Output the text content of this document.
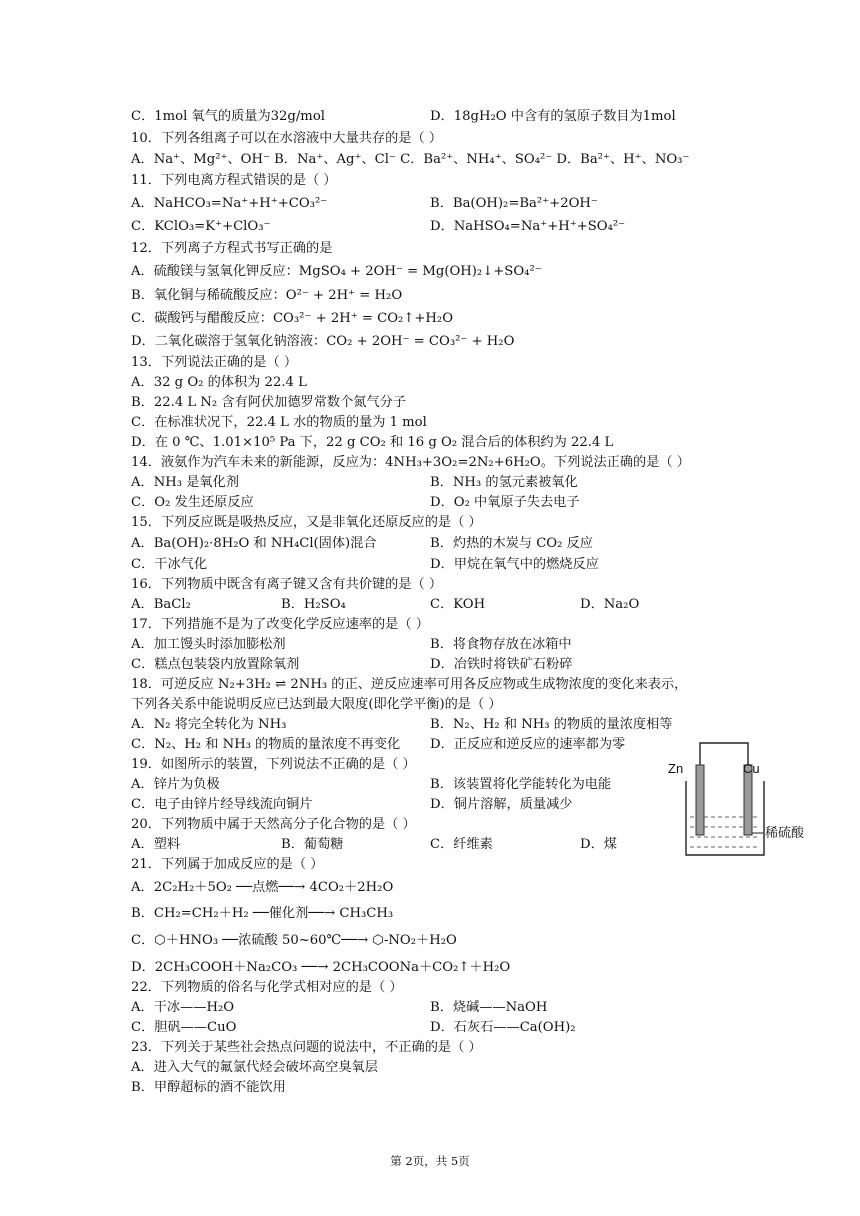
C．1mol 氧气的质量为32g/mol	D．18gH₂O 中含有的氢原子数目为1mol
10．下列各组离子可以在水溶液中大量共存的是（ ）
A．Na⁺、Mg²⁺、OH⁻ B．Na⁺、Ag⁺、Cl⁻ C．Ba²⁺、NH₄⁺、SO₄²⁻ D．Ba²⁺、H⁺、NO₃⁻
11．下列电离方程式错误的是（ ）
A．NaHCO₃=Na⁺+H⁺+CO₃²⁻	B．Ba(OH)₂=Ba²⁺+2OH⁻
C．KClO₃=K⁺+ClO₃⁻	D．NaHSO₄=Na⁺+H⁺+SO₄²⁻
12．下列离子方程式书写正确的是
A．硫酸镁与氢氧化钾反应：MgSO₄ + 2OH⁻ = Mg(OH)₂↓+SO₄²⁻
B．氧化铜与稀硫酸反应：O²⁻ + 2H⁺ = H₂O
C．碳酸钙与醋酸反应：CO₃²⁻ + 2H⁺ = CO₂↑+H₂O
D．二氧化碳溶于氢氧化钠溶液：CO₂ + 2OH⁻ = CO₃²⁻ + H₂O
13．下列说法正确的是（ ）
A．32 g O₂ 的体积为 22.4 L
B．22.4 L N₂ 含有阿伏加德罗常数个氮气分子
C．在标准状况下，22.4 L 水的物质的量为 1 mol
D．在 0 ℃、1.01×10⁵ Pa 下，22 g CO₂ 和 16 g O₂ 混合后的体积约为 22.4 L
14．液氨作为汽车未来的新能源，反应为：4NH₃+3O₂=2N₂+6H₂O。下列说法正确的是（ ）
A．NH₃ 是氧化剂	B．NH₃ 的氢元素被氧化
C．O₂ 发生还原反应	D．O₂ 中氧原子失去电子
15．下列反应既是吸热反应，又是非氧化还原反应的是（ ）
A．Ba(OH)₂·8H₂O 和 NH₄Cl(固体)混合	B．灼热的木炭与 CO₂ 反应
C．干冰气化	D．甲烷在氧气中的燃烧反应
16．下列物质中既含有离子键又含有共价键的是（ ）
A．BaCl₂	B．H₂SO₄	C．KOH	D．Na₂O
17．下列措施不是为了改变化学反应速率的是（ ）
A．加工馒头时添加膨松剂	B．将食物存放在冰箱中
C．糕点包装袋内放置除氧剂	D．冶铁时将铁矿石粉碎
18．可逆反应 N₂+3H₂ ⇌ 2NH₃ 的正、逆反应速率可用各反应物或生成物浓度的变化来表示，
下列各关系中能说明反应已达到最大限度(即化学平衡)的是（ ）
A．N₂ 将完全转化为 NH₃	B．N₂、H₂ 和 NH₃ 的物质的量浓度相等
C．N₂、H₂ 和 NH₃ 的物质的量浓度不再变化 D．正反应和逆反应的速率都为零
19．如图所示的装置，下列说法不正确的是（ ）
A．锌片为负极	B．该装置将化学能转化为电能
C．电子由锌片经导线流向铜片	D．铜片溶解，质量减少
20．下列物质中属于天然高分子化合物的是（ ）
A．塑料	B．葡萄糖	C．纤维素	D．煤
21．下列属于加成反应的是（ ）
A．2C₂H₂＋5O₂ ──点燃──→ 4CO₂＋2H₂O
B．CH₂=CH₂＋H₂ ──催化剂──→ CH₃CH₃
C．⬡＋HNO₃ ──浓硫酸 50~60℃──→ ⬡-NO₂＋H₂O
D．2CH₃COOH＋Na₂CO₃ ──→ 2CH₃COONa＋CO₂↑＋H₂O
22．下列物质的俗名与化学式相对应的是（ ）
A．干冰——H₂O	B．烧碱——NaOH
C．胆矾——CuO	D．石灰石——Ca(OH)₂
23．下列关于某些社会热点问题的说法中，不正确的是（ ）
A．进入大气的氟氯代烃会破坏高空臭氧层
B．甲醇超标的酒不能饮用
Zn	Cu
稀硫酸
第 2页，共 5页
